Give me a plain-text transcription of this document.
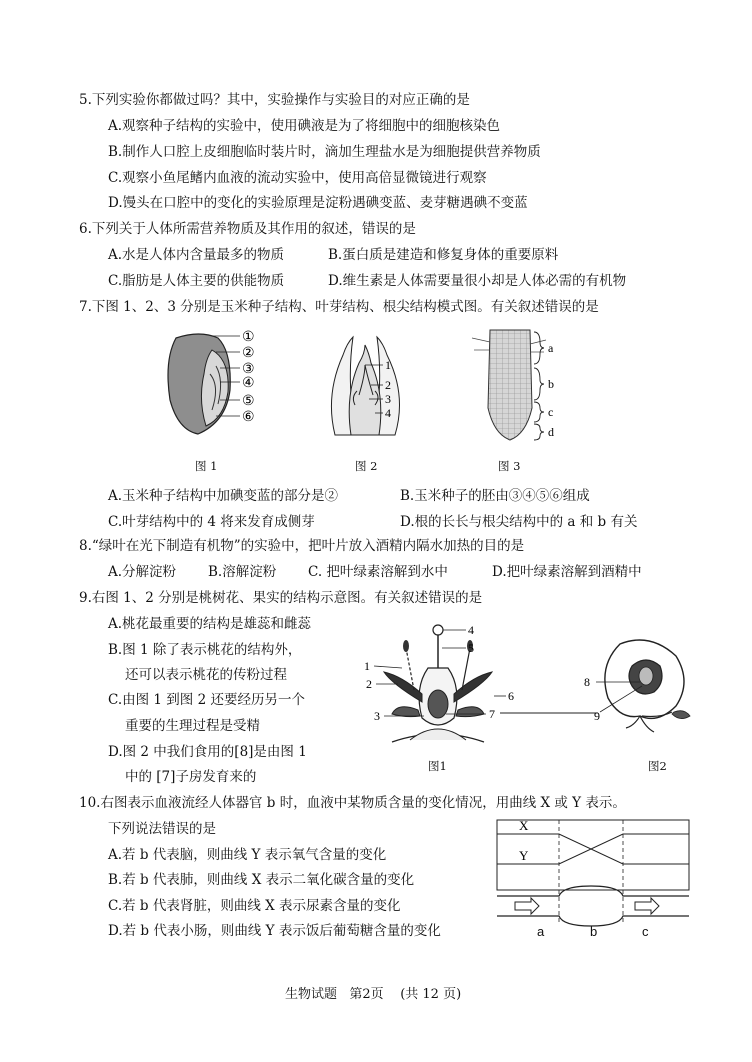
5.下列实验你都做过吗？其中，实验操作与实验目的对应正确的是
A.观察种子结构的实验中，使用碘液是为了将细胞中的细胞核染色
B.制作人口腔上皮细胞临时装片时，滴加生理盐水是为细胞提供营养物质
C.观察小鱼尾鳍内血液的流动实验中，使用高倍显微镜进行观察
D.馒头在口腔中的变化的实验原理是淀粉遇碘变蓝、麦芽糖遇碘不变蓝
6.下列关于人体所需营养物质及其作用的叙述，错误的是
A.水是人体内含量最多的物质	B.蛋白质是建造和修复身体的重要原料
C.脂肪是人体主要的供能物质	D.维生素是人体需要量很小却是人体必需的有机物
7.下图 1、2、3 分别是玉米种子结构、叶芽结构、根尖结构模式图。有关叙述错误的是
①
②
③
④
⑤
⑥
图 1
1
2
3
4
图 2
a
b
c
d
图 3
A.玉米种子结构中加碘变蓝的部分是②	B.玉米种子的胚由③④⑤⑥组成
C.叶芽结构中的 4 将来发育成侧芽	D.根的长长与根尖结构中的 a 和 b 有关
8.“绿叶在光下制造有机物”的实验中，把叶片放入酒精内隔水加热的目的是
A.分解淀粉 B.溶解淀粉 C. 把叶绿素溶解到水中	D.把叶绿素溶解到酒精中
9.右图 1、2 分别是桃树花、果实的结构示意图。有关叙述错误的是
A.桃花最重要的结构是雄蕊和雌蕊
B.图 1 除了表示桃花的结构外，
还可以表示桃花的传粉过程
C.由图 1 到图 2 还要经历另一个
重要的生理过程是受精
D.图 2 中我们食用的[8]是由图 1
中的 [7]子房发育来的
4
5
1
2
6
3	7
图1
8
9
图2
10.右图表示血液流经人体器官 b 时，血液中某物质含量的变化情况，用曲线 X 或 Y 表示。
下列说法错误的是
A.若 b 代表脑，则曲线 Y 表示氧气含量的变化
B.若 b 代表肺，则曲线 X 表示二氧化碳含量的变化
C.若 b 代表肾脏，则曲线 X 表示尿素含量的变化
D.若 b 代表小肠，则曲线 Y 表示饭后葡萄糖含量的变化
X
Y
a	b	c
生物试题   第2页    (共 12 页)
